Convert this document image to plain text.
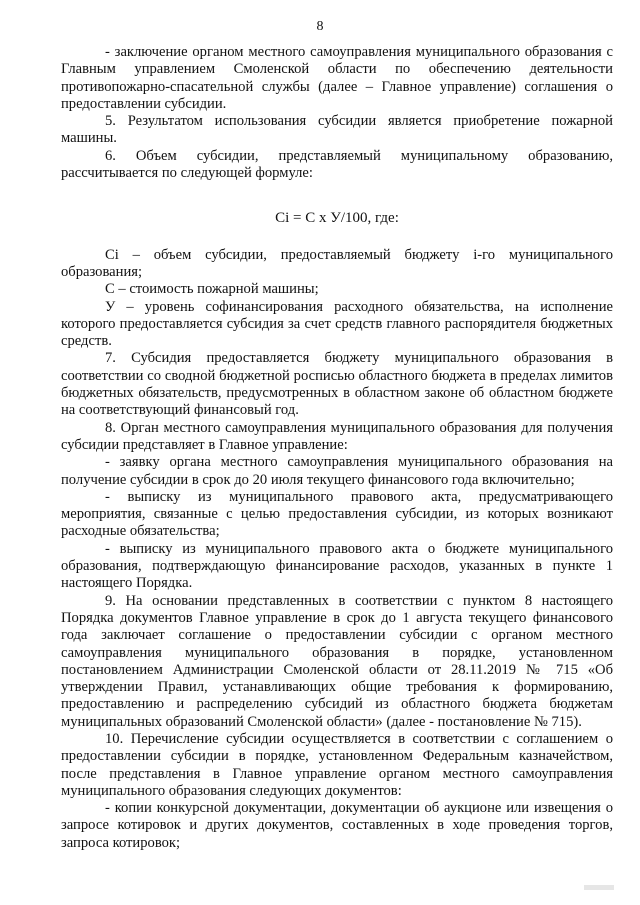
8

- заключение органом местного самоуправления муниципального образования с Главным управлением Смоленской области по обеспечению деятельности противопожарно-спасательной службы (далее – Главное управление) соглашения о предоставлении субсидии.

5. Результатом использования субсидии является приобретение пожарной машины.

6. Объем субсидии, представляемый муниципальному образованию, рассчитывается по следующей формуле:

Ci = С х У/100, где:

Ci – объем субсидии, предоставляемый бюджету i-го муниципального образования;

С – стоимость пожарной машины;

У – уровень софинансирования расходного обязательства, на исполнение которого предоставляется субсидия за счет средств главного распорядителя бюджетных средств.

7. Субсидия предоставляется бюджету муниципального образования в соответствии со сводной бюджетной росписью областного бюджета в пределах лимитов бюджетных обязательств, предусмотренных в областном законе об областном бюджете на соответствующий финансовый год.

8. Орган местного самоуправления муниципального образования для получения субсидии представляет в Главное управление:

- заявку органа местного самоуправления муниципального образования на получение субсидии в срок до 20 июля текущего финансового года включительно;

- выписку из муниципального правового акта, предусматривающего мероприятия, связанные с целью предоставления субсидии, из которых возникают расходные обязательства;

- выписку из муниципального правового акта о бюджете муниципального образования, подтверждающую финансирование расходов, указанных в пункте 1 настоящего Порядка.

9. На основании представленных в соответствии с пунктом 8 настоящего Порядка документов Главное управление в срок до 1 августа текущего финансового года заключает соглашение о предоставлении субсидии с органом местного самоуправления муниципального образования в порядке, установленном постановлением Администрации Смоленской области от 28.11.2019 № 715 «Об утверждении Правил, устанавливающих общие требования к формированию, предоставлению и распределению субсидий из областного бюджета бюджетам муниципальных образований Смоленской области» (далее - постановление № 715).

10. Перечисление субсидии осуществляется в соответствии с соглашением о предоставлении субсидии в порядке, установленном Федеральным казначейством, после представления в Главное управление органом местного самоуправления муниципального образования следующих документов:

- копии конкурсной документации, документации об аукционе или извещения о запросе котировок и других документов, составленных в ходе проведения торгов, запроса котировок;
